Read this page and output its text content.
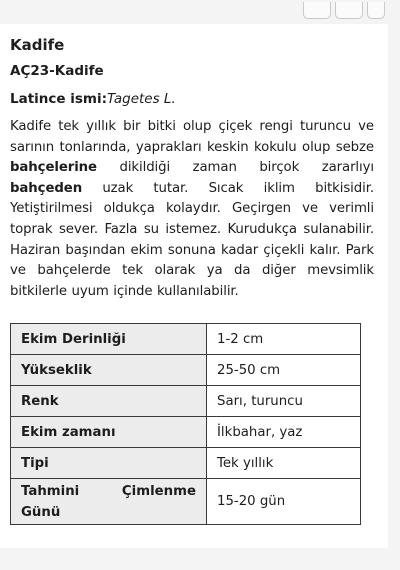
Kadife
AÇ23-Kadife
Latince ismi:Tagetes L.
Kadife tek yıllık bir bitki olup çiçek rengi turuncu ve sarının tonlarında, yaprakları keskin kokulu olup sebze bahçelerine dikildiği zaman birçok zararlıyı bahçeden uzak tutar. Sıcak iklim bitkisidir. Yetiştirilmesi oldukça kolaydır. Geçirgen ve verimli toprak sever. Fazla su istemez. Kurudukça sulanabilir. Haziran başından ekim sonuna kadar çiçekli kalır. Park ve bahçelerde tek olarak ya da diğer mevsimlik bitkilerle uyum içinde kullanılabilir.
Ekim Derinliği	1-2 cm
Yükseklik	25-50 cm
Renk	Sarı, turuncu
Ekim zamanı	İlkbahar, yaz
Tipi	Tek yıllık

Tahmini Çimlenme
Günü	15-20 gün
